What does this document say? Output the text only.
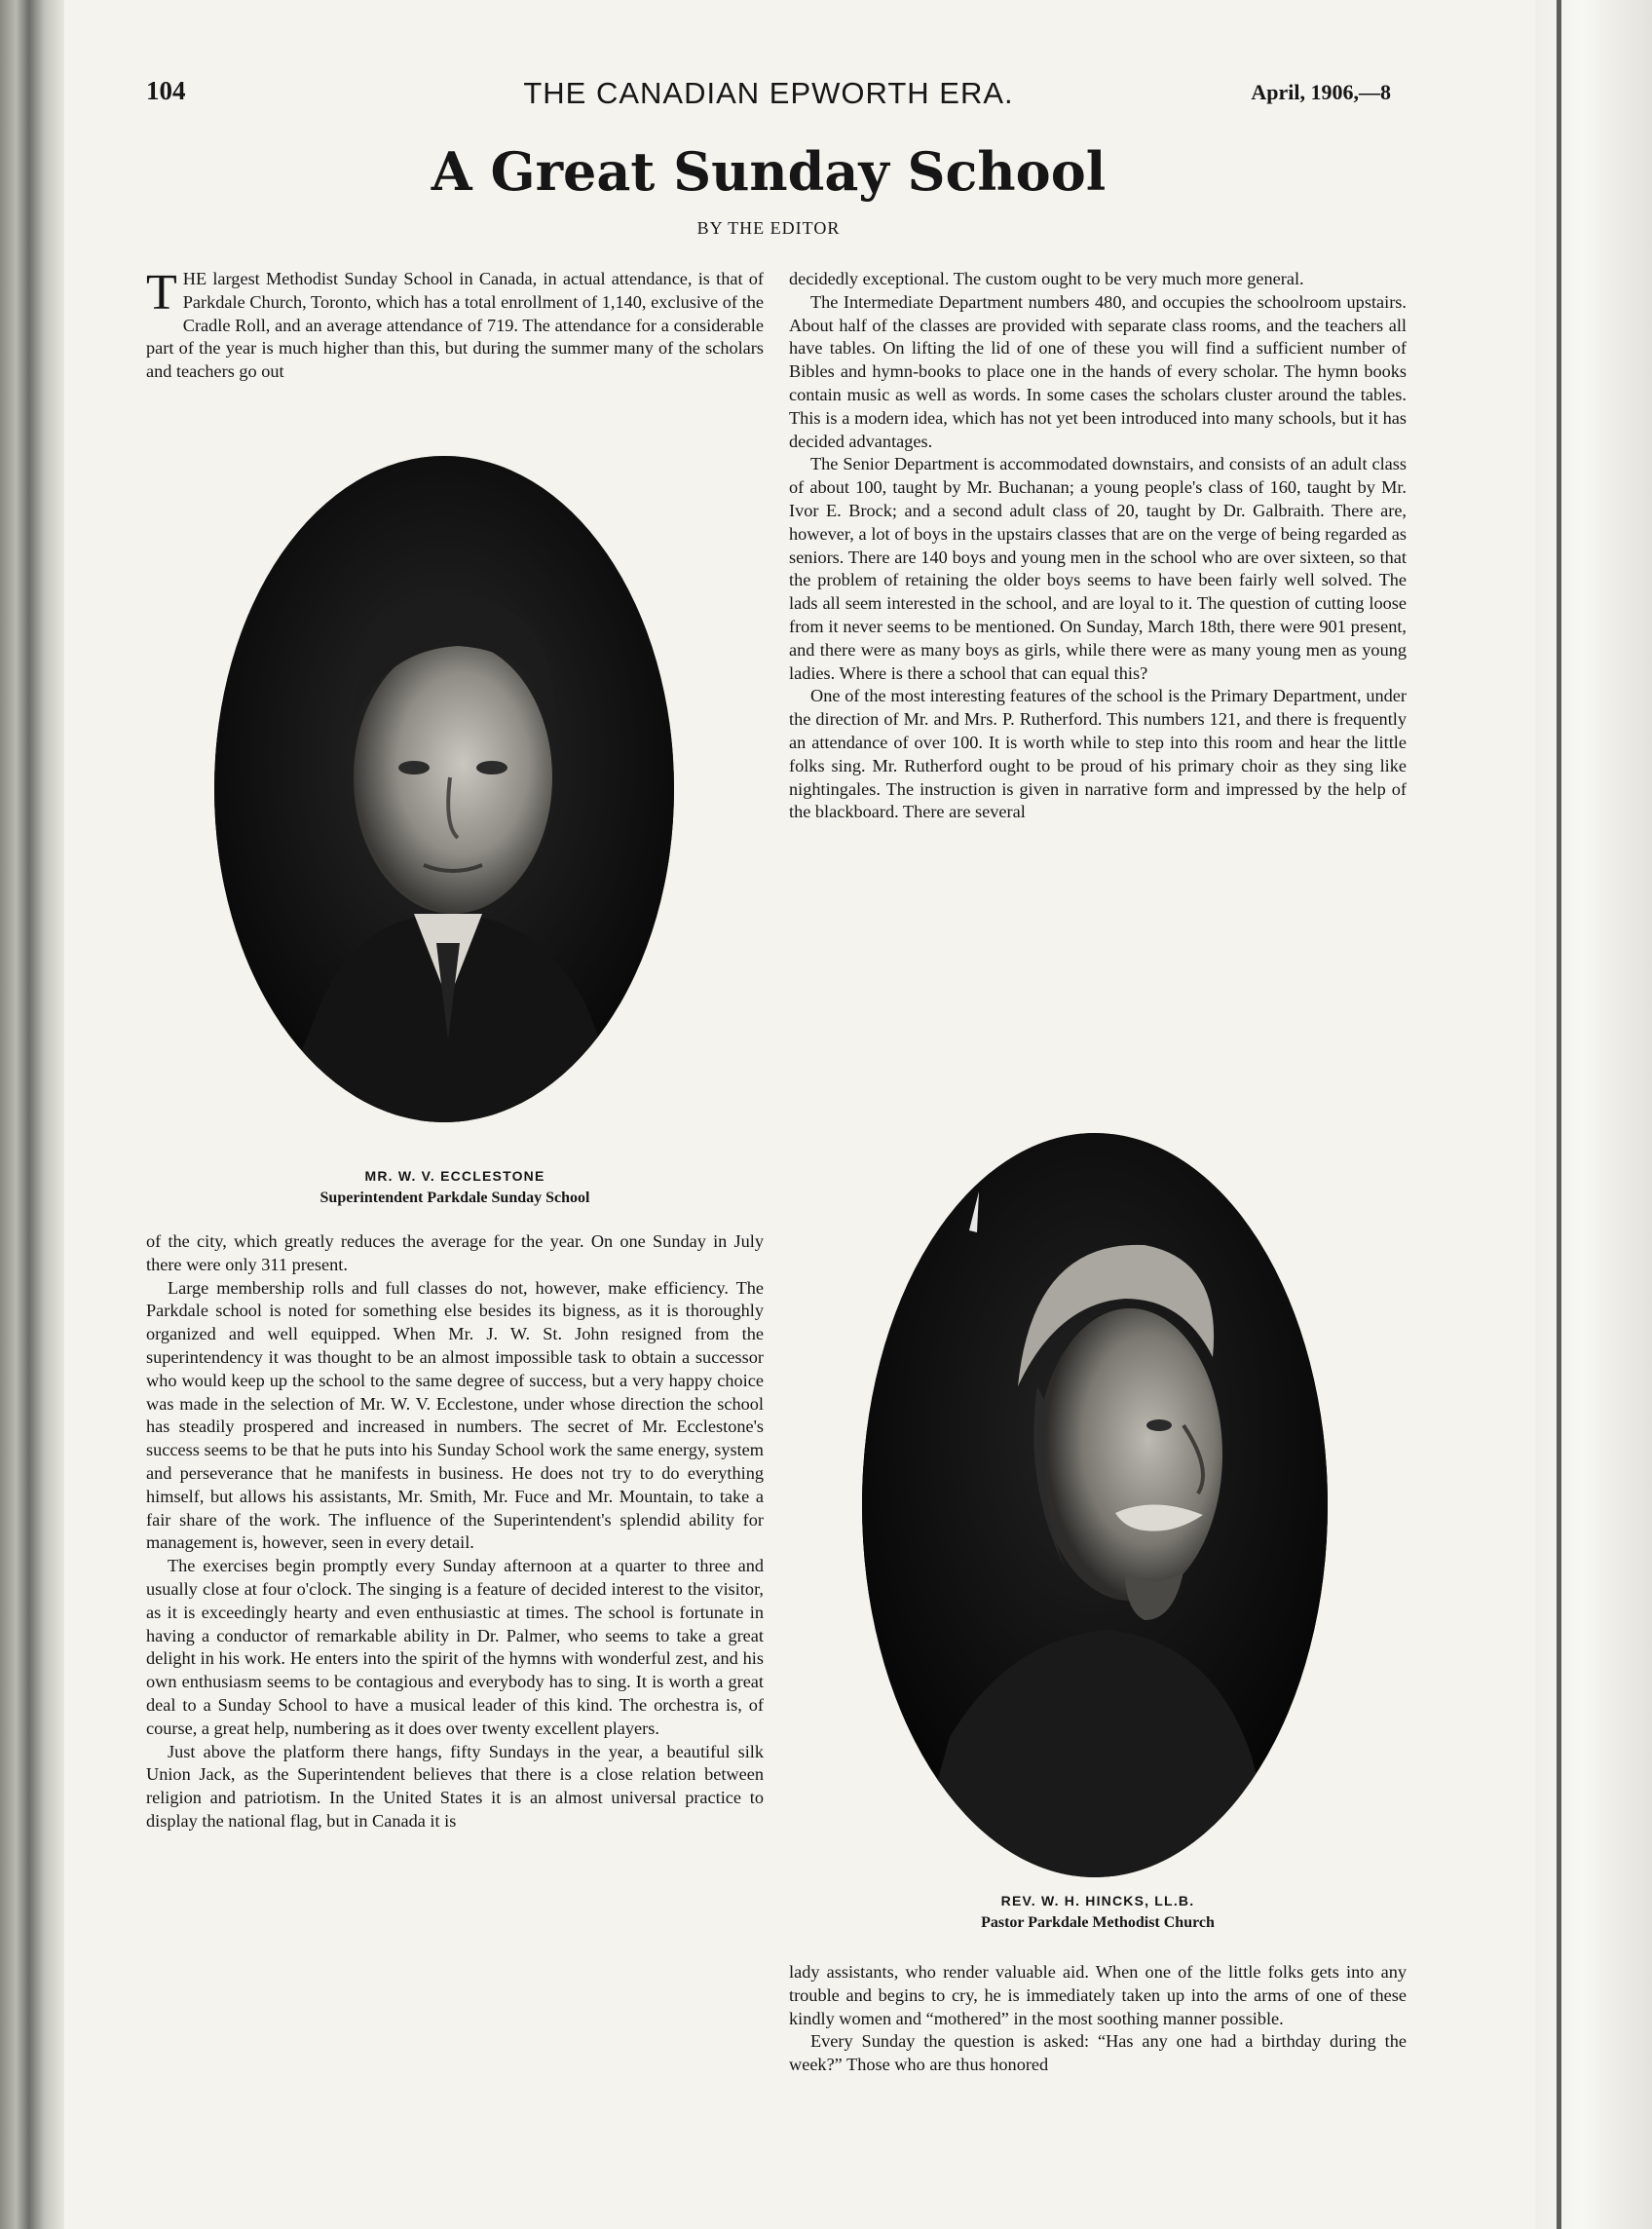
104	THE CANADIAN EPWORTH ERA.	April, 1906,—8
A Great Sunday School
BY THE EDITOR

THE largest Methodist Sunday School in Canada, in actual attendance, is that of Parkdale Church, Toronto, which has a total enrollment of 1,140, exclusive of the Cradle Roll, and an average attendance of 719. The attendance for a considerable part of the year is much higher than this, but during the summer many of the scholars and teachers go out

MR. W. V. ECCLESTONE
Superintendent Parkdale Sunday School

of the city, which greatly reduces the average for the year. On one Sunday in July there were only 311 present.

Large membership rolls and full classes do not, however, make efficiency. The Parkdale school is noted for something else besides its bigness, as it is thoroughly organized and well equipped. When Mr. J. W. St. John resigned from the superintendency it was thought to be an almost impossible task to obtain a successor who would keep up the school to the same degree of success, but a very happy choice was made in the selection of Mr. W. V. Ecclestone, under whose direction the school has steadily prospered and increased in numbers. The secret of Mr. Ecclestone's success seems to be that he puts into his Sunday School work the same energy, system and perseverance that he manifests in business. He does not try to do everything himself, but allows his assistants, Mr. Smith, Mr. Fuce and Mr. Mountain, to take a fair share of the work. The influence of the Superintendent's splendid ability for management is, however, seen in every detail.

The exercises begin promptly every Sunday afternoon at a quarter to three and usually close at four o'clock. The singing is a feature of decided interest to the visitor, as it is exceedingly hearty and even enthusiastic at times. The school is fortunate in having a conductor of remarkable ability in Dr. Palmer, who seems to take a great delight in his work. He enters into the spirit of the hymns with wonderful zest, and his own enthusiasm seems to be contagious and everybody has to sing. It is worth a great deal to a Sunday School to have a musical leader of this kind. The orchestra is, of course, a great help, numbering as it does over twenty excellent players.

Just above the platform there hangs, fifty Sundays in the year, a beautiful silk Union Jack, as the Superintendent believes that there is a close relation between religion and patriotism. In the United States it is an almost universal practice to display the national flag, but in Canada it is

decidedly exceptional. The custom ought to be very much more general.

The Intermediate Department numbers 480, and occupies the schoolroom upstairs. About half of the classes are provided with separate class rooms, and the teachers all have tables. On lifting the lid of one of these you will find a sufficient number of Bibles and hymn-books to place one in the hands of every scholar. The hymn books contain music as well as words. In some cases the scholars cluster around the tables. This is a modern idea, which has not yet been introduced into many schools, but it has decided advantages.

The Senior Department is accommodated downstairs, and consists of an adult class of about 100, taught by Mr. Buchanan; a young people's class of 160, taught by Mr. Ivor E. Brock; and a second adult class of 20, taught by Dr. Galbraith. There are, however, a lot of boys in the upstairs classes that are on the verge of being regarded as seniors. There are 140 boys and young men in the school who are over sixteen, so that the problem of retaining the older boys seems to have been fairly well solved. The lads all seem interested in the school, and are loyal to it. The question of cutting loose from it never seems to be mentioned. On Sunday, March 18th, there were 901 present, and there were as many boys as girls, while there were as many young men as young ladies. Where is there a school that can equal this?

One of the most interesting features of the school is the Primary Department, under the direction of Mr. and Mrs. P. Rutherford. This numbers 121, and there is frequently an attendance of over 100. It is worth while to step into this room and hear the little folks sing. Mr. Rutherford ought to be proud of his primary choir as they sing like nightingales. The instruction is given in narrative form and impressed by the help of the blackboard. There are several

REV. W. H. HINCKS, LL.B.
Pastor Parkdale Methodist Church

lady assistants, who render valuable aid. When one of the little folks gets into any trouble and begins to cry, he is immediately taken up into the arms of one of these kindly women and “mothered” in the most soothing manner possible.

Every Sunday the question is asked: “Has any one had a birthday during the week?” Those who are thus honored
